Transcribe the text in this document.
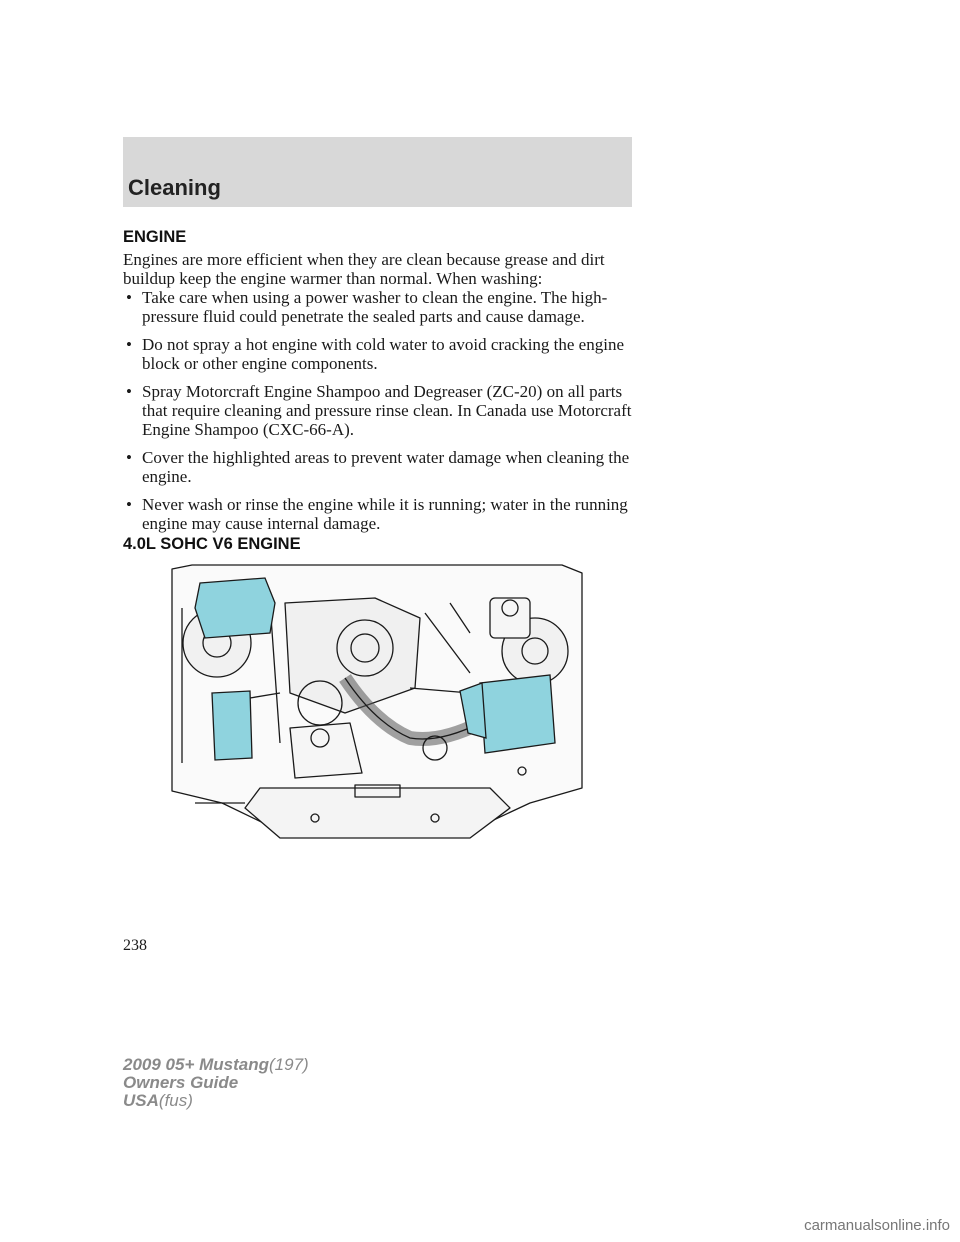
Cleaning
ENGINE
Engines are more efficient when they are clean because grease and dirt buildup keep the engine warmer than normal. When washing:
• Take care when using a power washer to clean the engine. The high-pressure fluid could penetrate the sealed parts and cause damage.
• Do not spray a hot engine with cold water to avoid cracking the engine block or other engine components.
• Spray Motorcraft Engine Shampoo and Degreaser (ZC-20) on all parts that require cleaning and pressure rinse clean. In Canada use Motorcraft Engine Shampoo (CXC-66-A).
• Cover the highlighted areas to prevent water damage when cleaning the engine.
• Never wash or rinse the engine while it is running; water in the running engine may cause internal damage.
4.0L SOHC V6 ENGINE
238
2009 05+ Mustang(197)
Owners Guide
USA(fus)
carmanualsonline.info
